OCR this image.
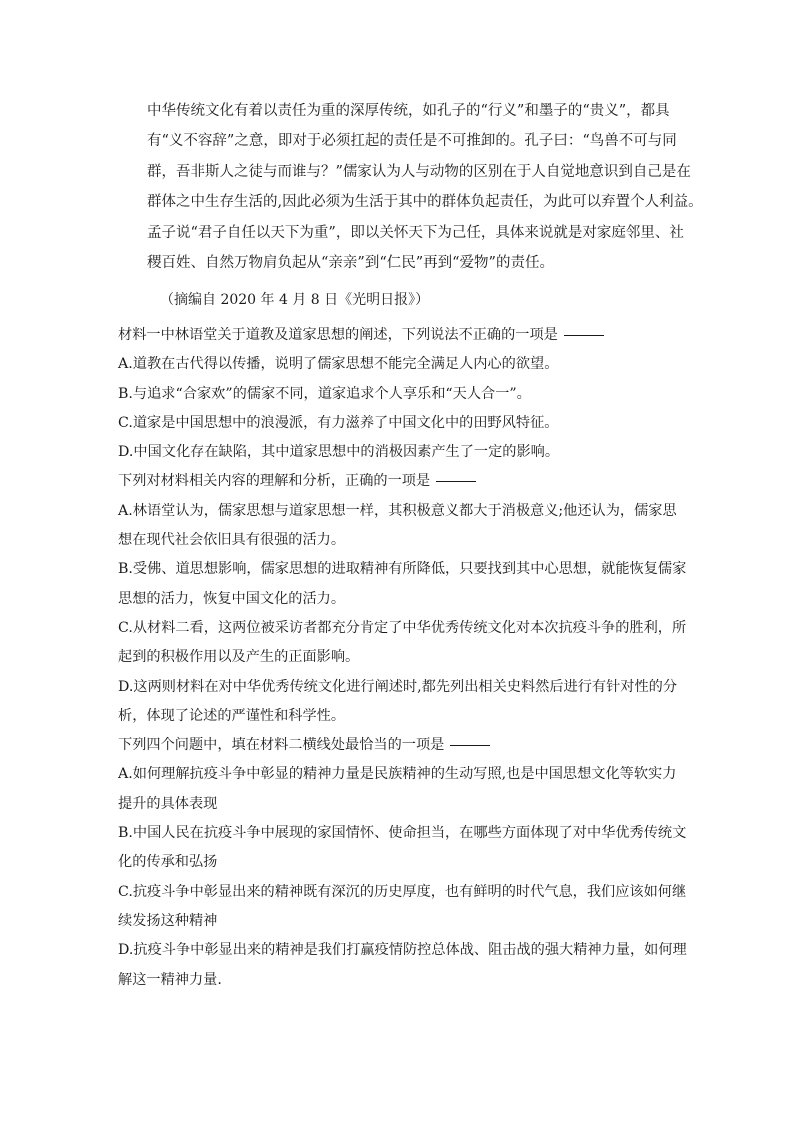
中华传统文化有着以责任为重的深厚传统，如孔子的“行义”和墨子的“贵义”，都具

有“义不容辞”之意，即对于必须扛起的责任是不可推卸的。孔子曰：“鸟兽不可与同

群，吾非斯人之徒与而谁与？”儒家认为人与动物的区别在于人自觉地意识到自己是在

群体之中生存生活的,因此必须为生活于其中的群体负起责任，为此可以弃置个人利益。

孟子说“君子自任以天下为重”，即以关怀天下为己任，具体来说就是对家庭邻里、社

稷百姓、自然万物肩负起从“亲亲”到“仁民”再到“爱物”的责任。

（摘编自 2020 年 4 月 8 日《光明日报》）

材料一中林语堂关于道教及道家思想的阐述，下列说法不正确的一项是

A.道教在古代得以传播，说明了儒家思想不能完全满足人内心的欲望。

B.与追求“合家欢”的儒家不同，道家追求个人享乐和“天人合一”。

C.道家是中国思想中的浪漫派，有力滋养了中国文化中的田野风特征。

D.中国文化存在缺陷，其中道家思想中的消极因素产生了一定的影响。

下列对材料相关内容的理解和分析，正确的一项是

A.林语堂认为，儒家思想与道家思想一样，其积极意义都大于消极意义;他还认为，儒家思

想在现代社会依旧具有很强的活力。

B.受佛、道思想影响，儒家思想的进取精神有所降低，只要找到其中心思想，就能恢复儒家

思想的活力，恢复中国文化的活力。

C.从材料二看，这两位被采访者都充分肯定了中华优秀传统文化对本次抗疫斗争的胜利，所

起到的积极作用以及产生的正面影响。

D.这两则材料在对中华优秀传统文化进行阐述时,都先列出相关史料然后进行有针对性的分

析，体现了论述的严谨性和科学性。

下列四个问题中，填在材料二横线处最恰当的一项是

A.如何理解抗疫斗争中彰显的精神力量是民族精神的生动写照,也是中国思想文化等软实力

提升的具体表现

B.中国人民在抗疫斗争中展现的家国情怀、使命担当，在哪些方面体现了对中华优秀传统文

化的传承和弘扬

C.抗疫斗争中彰显出来的精神既有深沉的历史厚度，也有鲜明的时代气息，我们应该如何继

续发扬这种精神

D.抗疫斗争中彰显出来的精神是我们打赢疫情防控总体战、阻击战的强大精神力量，如何理

解这一精神力量.
